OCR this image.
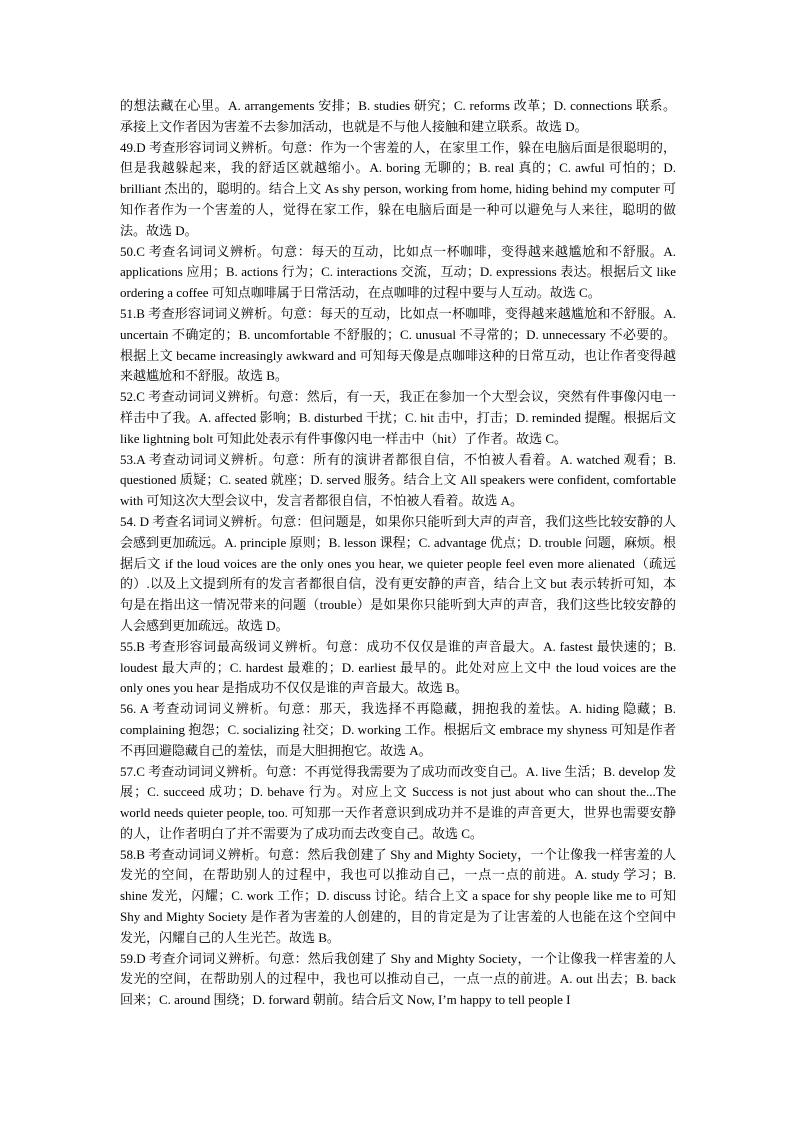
的想法藏在心里。A. arrangements 安排；B. studies 研究；C. reforms 改革；D. connections 联系。承接上文作者因为害羞不去参加活动，也就是不与他人接触和建立联系。故选 D。

49.D 考查形容词词义辨析。句意：作为一个害羞的人，在家里工作，躲在电脑后面是很聪明的，但是我越躲起来，我的舒适区就越缩小。A. boring 无聊的；B. real 真的；C. awful 可怕的；D. brilliant 杰出的，聪明的。结合上文 As shy person, working from home, hiding behind my computer 可知作者作为一个害羞的人，觉得在家工作，躲在电脑后面是一种可以避免与人来往，聪明的做法。故选 D。

50.C 考查名词词义辨析。句意：每天的互动，比如点一杯咖啡，变得越来越尴尬和不舒服。A. applications 应用；B. actions 行为；C. interactions 交流，互动；D. expressions 表达。根据后文 like ordering a coffee 可知点咖啡属于日常活动，在点咖啡的过程中要与人互动。故选 C。

51.B 考查形容词词义辨析。句意：每天的互动，比如点一杯咖啡，变得越来越尴尬和不舒服。A. uncertain 不确定的；B. uncomfortable 不舒服的；C. unusual 不寻常的；D. unnecessary 不必要的。根据上文 became increasingly awkward and 可知每天像是点咖啡这种的日常互动，也让作者变得越来越尴尬和不舒服。故选 B。

52.C 考查动词词义辨析。句意：然后，有一天，我正在参加一个大型会议，突然有件事像闪电一样击中了我。A. affected 影响；B. disturbed 干扰；C. hit 击中，打击；D. reminded 提醒。根据后文 like lightning bolt 可知此处表示有件事像闪电一样击中（hit）了作者。故选 C。

53.A 考查动词词义辨析。句意：所有的演讲者都很自信，不怕被人看着。A. watched 观看；B. questioned 质疑；C. seated 就座；D. served 服务。结合上文 All speakers were confident, comfortable with 可知这次大型会议中，发言者都很自信，不怕被人看着。故选 A。

54. D 考查名词词义辨析。句意：但问题是，如果你只能听到大声的声音，我们这些比较安静的人会感到更加疏远。A. principle 原则；B. lesson 课程；C. advantage 优点；D. trouble 问题，麻烦。根据后文 if the loud voices are the only ones you hear, we quieter people feel even more alienated（疏远的）.以及上文提到所有的发言者都很自信，没有更安静的声音，结合上文 but 表示转折可知，本句是在指出这一情况带来的问题（trouble）是如果你只能听到大声的声音，我们这些比较安静的人会感到更加疏远。故选 D。

55.B 考查形容词最高级词义辨析。句意：成功不仅仅是谁的声音最大。A. fastest 最快速的；B. loudest 最大声的；C. hardest 最难的；D. earliest 最早的。此处对应上文中 the loud voices are the only ones you hear 是指成功不仅仅是谁的声音最大。故选 B。

56. A 考查动词词义辨析。句意：那天，我选择不再隐藏，拥抱我的羞怯。A. hiding 隐藏；B. complaining 抱怨；C. socializing 社交；D. working 工作。根据后文 embrace my shyness 可知是作者不再回避隐藏自己的羞怯，而是大胆拥抱它。故选 A。

57.C 考查动词词义辨析。句意：不再觉得我需要为了成功而改变自己。A. live 生活；B. develop 发展；C. succeed 成功；D. behave 行为。对应上文 Success is not just about who can shout the...The world needs quieter people, too. 可知那一天作者意识到成功并不是谁的声音更大，世界也需要安静的人，让作者明白了并不需要为了成功而去改变自己。故选 C。

58.B 考查动词词义辨析。句意：然后我创建了 Shy and Mighty Society，一个让像我一样害羞的人发光的空间，在帮助别人的过程中，我也可以推动自己，一点一点的前进。A. study 学习；B. shine 发光，闪耀；C. work 工作；D. discuss 讨论。结合上文 a space for shy people like me to 可知 Shy and Mighty Society 是作者为害羞的人创建的，目的肯定是为了让害羞的人也能在这个空间中发光，闪耀自己的人生光芒。故选 B。

59.D 考查介词词义辨析。句意：然后我创建了 Shy and Mighty Society，一个让像我一样害羞的人发光的空间，在帮助别人的过程中，我也可以推动自己，一点一点的前进。A. out 出去；B. back 回来；C. around 围绕；D. forward 朝前。结合后文 Now, I’m happy to tell people I
